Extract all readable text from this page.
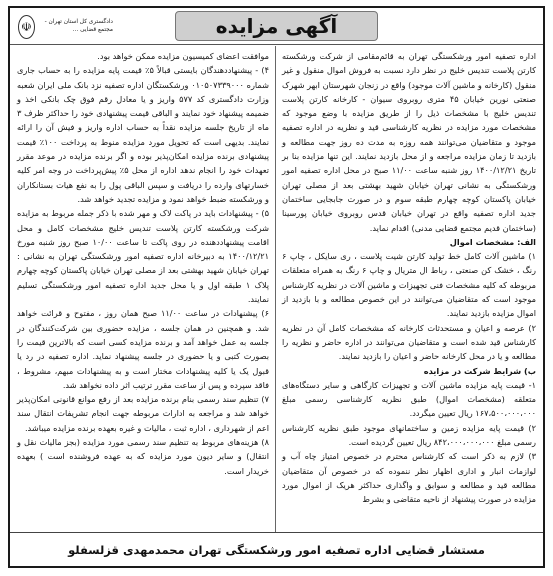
☫	دادگستری کل استان تهران - مجتمع قضایی ...	آگهی مزایده

اداره تصفیه امور ورشکستگی تهران به قائم‌مقامی از شرکت ورشکسته کارتن پلاست تندیس خلیج در نظر دارد نسبت به فروش اموال منقول و غیر منقول (کارخانه و ماشین آلات موجود) واقع در زنجان شهرستان ابهر شهرک صنعتی نورین خیابان ۴۵ متری روبروی سیوان - کارخانه کارتن پلاست تندیس خلیج با مشخصات ذیل را از طریق مزایده با وضع موجود که مشخصات مورد مزایده در نظریه کارشناسی قید و نظریه در اداره تصفیه موجود و متقاضیان می‌توانند همه روزه به مدت ده روز جهت مطالعه و بازدید تا زمان مزایده مراجعه و از محل بازدید نمایند. این تنها مزایده بنا بر تاریخ ۱۴۰۰/۱۲/۲۱ روز شنبه ساعت ۱۱/۰۰ صبح در محل اداره تصفیه امور ورشکستگی به نشانی تهران خیابان شهید بهشتی بعد از مصلی تهران خیابان پاکستان کوچه چهارم طبقه سوم و در صورت جابجایی ساختمان جدید اداره تصفیه واقع در تهران خیابان قدس روبروی خیابان پورسینا (ساختمان قدیم مجتمع قضایی مدنی) اقدام نماید.

الف: مشخصات اموال

۱) ماشین آلات کامل خط تولید کارتن شیت پلاست ، ری سایکل ، چاپ ۶ رنگ ، خشک کن صنعتی ، رباط ال متریال و چاپ ۶ رنگ به همراه متعلقات مربوطه که کلیه مشخصات فنی تجهیزات و ماشین آلات در نظریه کارشناس موجود است که متقاضیان می‌توانند در این خصوص مطالعه و با بازدید از اموال مزایده بازدید نمایند.

۲) عرصه و اعیان و مستحدثات کارخانه که مشخصات کامل آن در نظریه کارشناس قید شده است و متقاضیان می‌توانند در اداره حاضر و نظریه را مطالعه و یا در محل کارخانه حاضر و اعیان را بازدید نمایند.

ب) شرایط شرکت در مزایده

۱- قیمت پایه مزایده ماشین آلات و تجهیزات کارگاهی و سایر دستگاه‌های متعلقه (مشخصات اموال) طبق نظریه کارشناسی رسمی مبلغ ۱۶۷،۵۰۰،۰۰۰،۰۰۰ ریال تعیین میگردد.

۲) قیمت پایه مزایده زمین و ساختمانهای موجود طبق نظریه کارشناس رسمی مبلغ ۸۴۲،۰۰۰،۰۰۰،۰۰۰ ریال تعیین گردیده است.

۳) لازم به ذکر است که کارشناس محترم در خصوص امتیاز چاه آب و لوازمات انبار و اداری اظهار نظر ننموده که در خصوص آن متقاضیان مطالعه قید و مطالعه و سوابق و واگذاری حداکثر هریک از اموال مورد مزایده در صورت پیشنهاد از ناحیه متقاضی و بشرط

موافقت اعضای کمیسیون مزایده ممکن خواهد بود.

۴) - پیشنهاددهندگان بایستی قبالاً ۵٪ قیمت پایه مزایده را به حساب جاری شماره ۰۱۰۵۰۷۳۳۹۰۰۰ ورشکستگان اداره تصفیه نزد بانک ملی ایران شعبه وزارت دادگستری کد ۵۷۷ واریز و یا معادل رقم فوق چک بانکی اخذ و ضمیمه پیشنهاد خود نمایند و الباقی قیمت پیشنهادی خود را حداکثر ظرف ۳ ماه از تاریخ جلسه مزایده نقداً به حساب اداره واریز و فیش آن را ارائه نمایند. بدیهی است که تحویل مورد مزایده منوط به پرداخت ۱۰۰٪ قیمت پیشنهادی برنده مزایده امکان‌پذیر بوده و اگر برنده مزایده در موعد مقرر تعهدات خود را انجام ندهد اداره از محل ۵٪ پیش‌پرداخت در وجه امر کلیه خسارتهای وارده را دریافت و سپس الباقی پول را به نفع هیات بستانکاران و ورشکسته ضبط خواهد نمود و مزایده تجدید خواهد شد.

۵) - پیشنهادات باید در پاکت لاک و مهر شده با ذکر جمله مربوط به مزایده شرکت ورشکسته کارتن پلاست تندیس خلیج مشخصات کامل و محل اقامت پیشنهاددهنده در روی پاکت تا ساعت ۱۰/۰۰ صبح روز شنبه مورخ ۱۴۰۰/۱۲/۲۱ به دبیرخانه اداره تصفیه امور ورشکستگی تهران به نشانی : تهران خیابان شهید بهشتی بعد از مصلی تهران خیابان پاکستان کوچه چهارم پلاک ۱ طبقه اول و یا محل جدید اداره تصفیه امور ورشکستگی تسلیم نمایند.

۶) پیشنهادات در ساعت ۱۱/۰۰ صبح همان روز ، مفتوح و قرائت خواهد شد. و همچنین در همان جلسه ، مزایده حضوری بین شرکت‌کنندگان در جلسه به عمل خواهد آمد و برنده مزایده کسی است که بالاترین قیمت را بصورت کتبی و یا حضوری در جلسه پیشنهاد نماید. اداره تصفیه در رد یا قبول یک یا کلیه پیشنهادات مختار است و به پیشنهادات مبهم، مشروط ، فاقد سپرده و پس از ساعت مقرر ترتیب اثر داده نخواهد شد.

۷) تنظیم سند رسمی بنام برنده مزایده بعد از رفع موانع قانونی امکان‌پذیر خواهد شد و مراجعه به ادارات مربوطه جهت انجام تشریفات انتقال سند اعم از شهرداری ، اداره ثبت ، مالیات و غیره بعهده برنده مزایده میباشد.

۸) هزینه‌های مربوط به تنظیم سند رسمی مورد مزایده (بجز مالیات نقل و انتقال) و سایر دیون مورد مزایده که به عهده فروشنده است ) بعهده خریدار است.

مستشار قضایی اداره تصفیه امور ورشکستگی تهران محمدمهدی قزلسفلو
